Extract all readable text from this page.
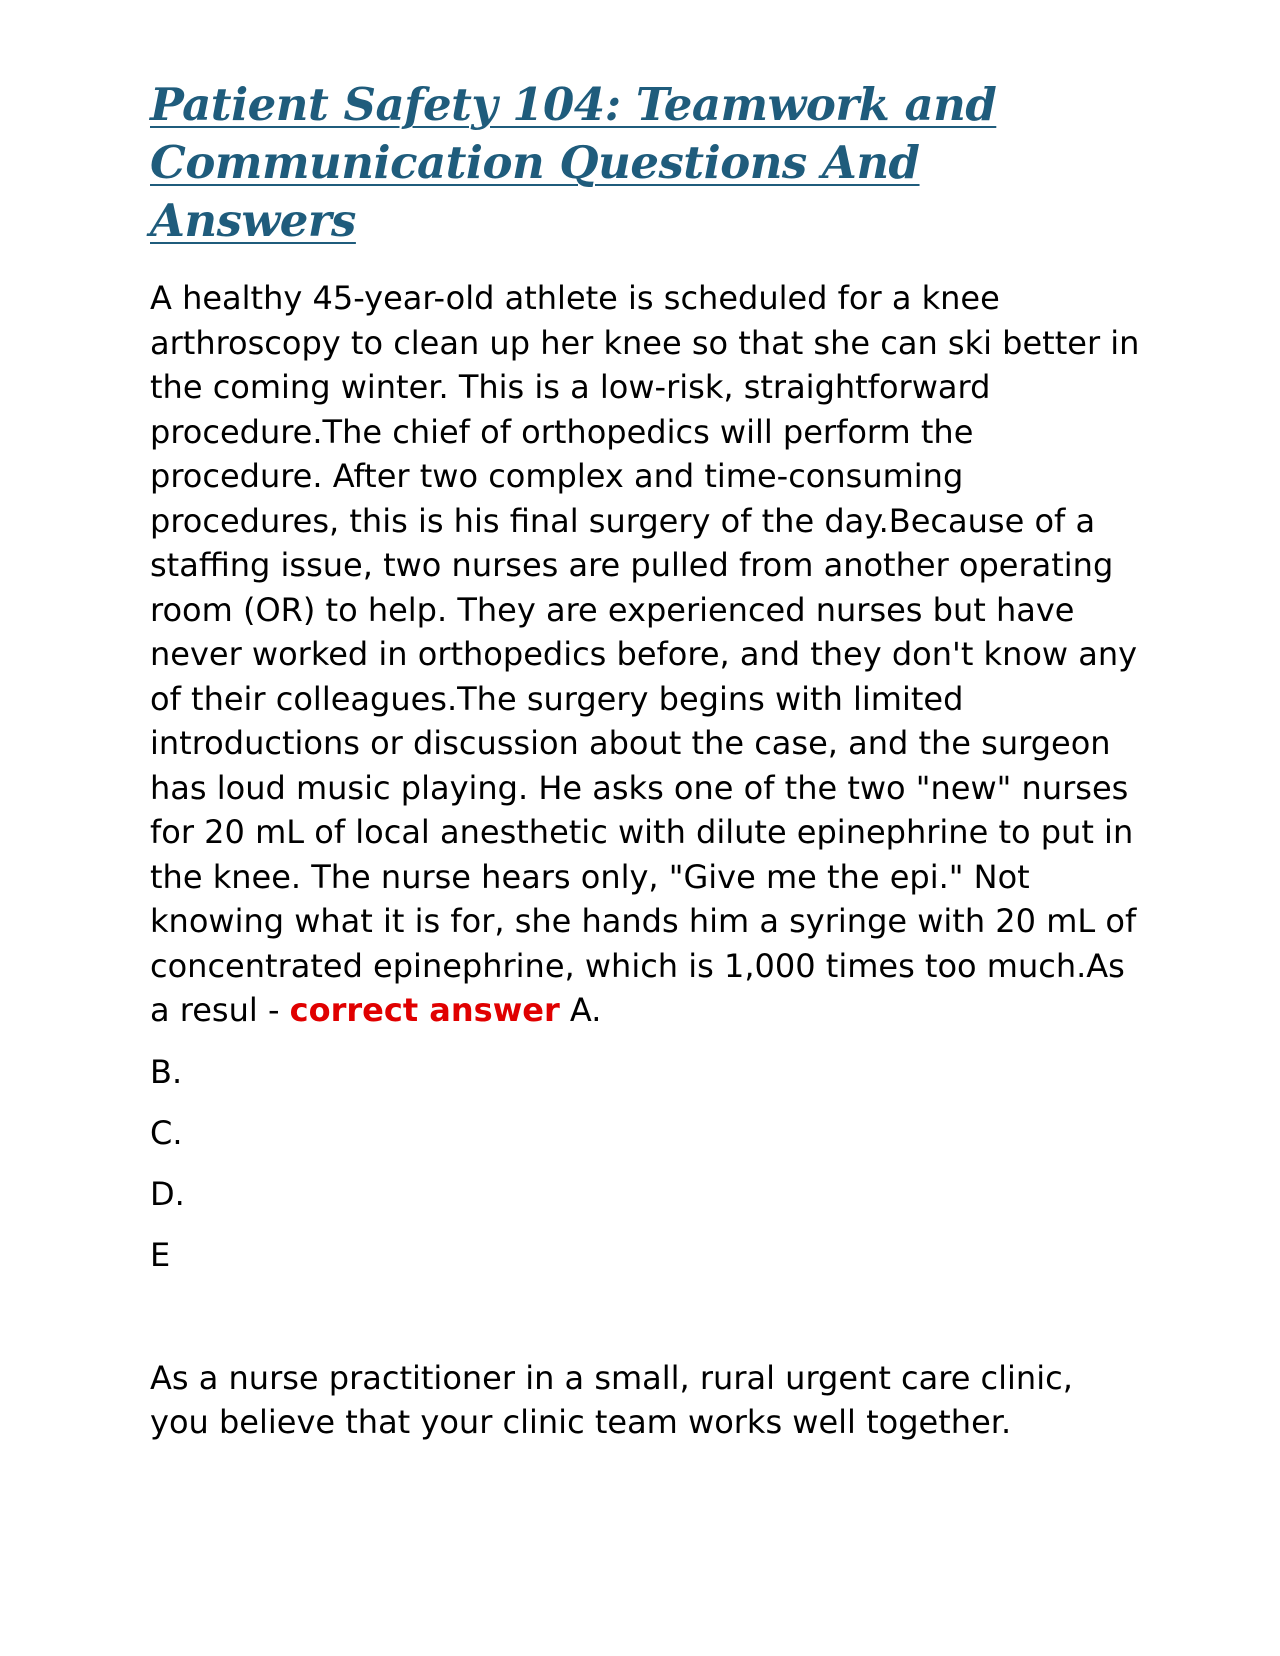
Patient Safety 104: Teamwork and Communication Questions And Answers

A healthy 45-year-old athlete is scheduled for a knee arthroscopy to clean up her knee so that she can ski better in the coming winter. This is a low-risk, straightforward procedure.The chief of orthopedics will perform the procedure. After two complex and time-consuming procedures, this is his final surgery of the day.Because of a staffing issue, two nurses are pulled from another operating room (OR) to help. They are experienced nurses but have never worked in orthopedics before, and they don't know any of their colleagues.The surgery begins with limited introductions or discussion about the case, and the surgeon has loud music playing. He asks one of the two "new" nurses for 20 mL of local anesthetic with dilute epinephrine to put in the knee. The nurse hears only, "Give me the epi." Not knowing what it is for, she hands him a syringe with 20 mL of concentrated epinephrine, which is 1,000 times too much.As a resul - correct answer A.

B.

C.

D.

E

As a nurse practitioner in a small, rural urgent care clinic, you believe that your clinic team works well together.
